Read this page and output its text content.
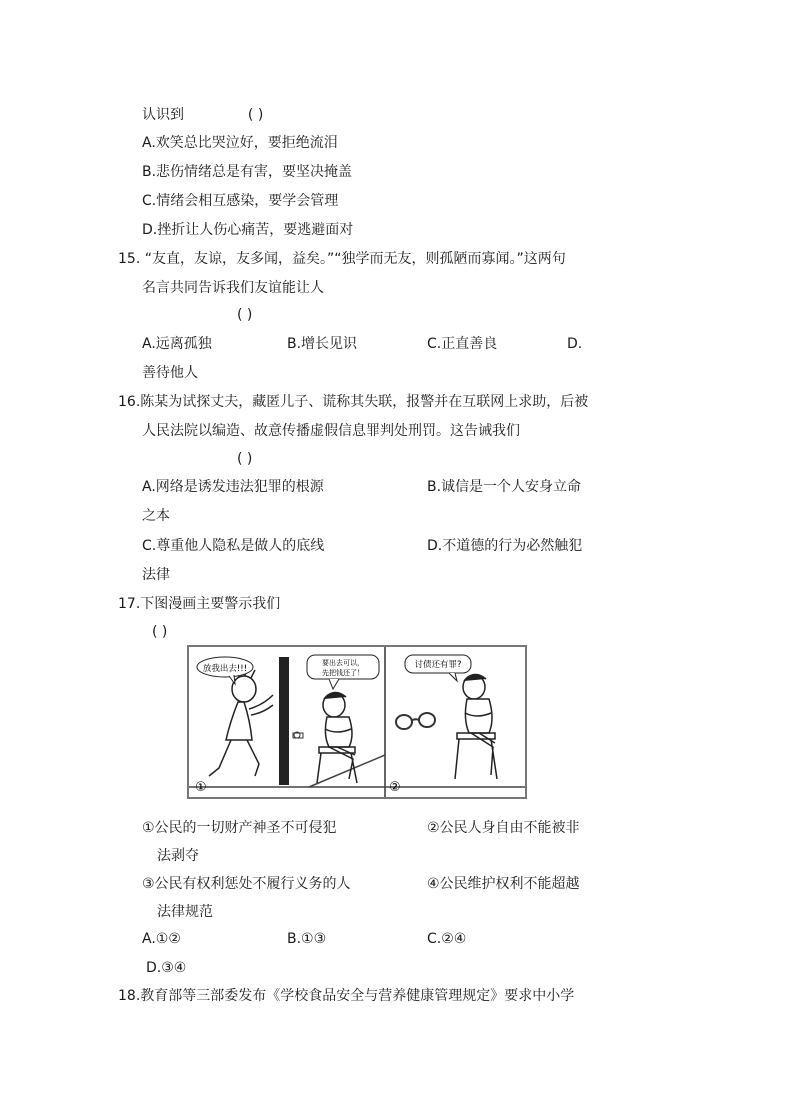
认识到	( )
A.欢笑总比哭泣好，要拒绝流泪
B.悲伤情绪总是有害，要坚决掩盖
C.情绪会相互感染，要学会管理
D.挫折让人伤心痛苦，要逃避面对
15. “友直，友谅，友多闻，益矣。”“独学而无友，则孤陋而寡闻。”这两句
名言共同告诉我们友谊能让人
( )
A.远离孤独	B.增长见识	C.正直善良	D.
善待他人
16.陈某为试探丈夫，藏匿儿子、谎称其失联，报警并在互联网上求助，后被
人民法院以编造、故意传播虚假信息罪判处刑罚。这告诫我们
( )
A.网络是诱发违法犯罪的根源	B.诚信是一个人安身立命
之本
C.尊重他人隐私是做人的底线	D.不道德的行为必然触犯
法律
17.下图漫画主要警示我们
( )
放我出去!!!
要出去可以，
先把钱还了！
讨债还有罪?
①	②
①公民的一切财产神圣不可侵犯	②公民人身自由不能被非
法剥夺
③公民有权利惩处不履行义务的人	④公民维护权利不能超越
法律规范
A.①②	B.①③	C.②④
D.③④
18.教育部等三部委发布《学校食品安全与营养健康管理规定》要求中小学
